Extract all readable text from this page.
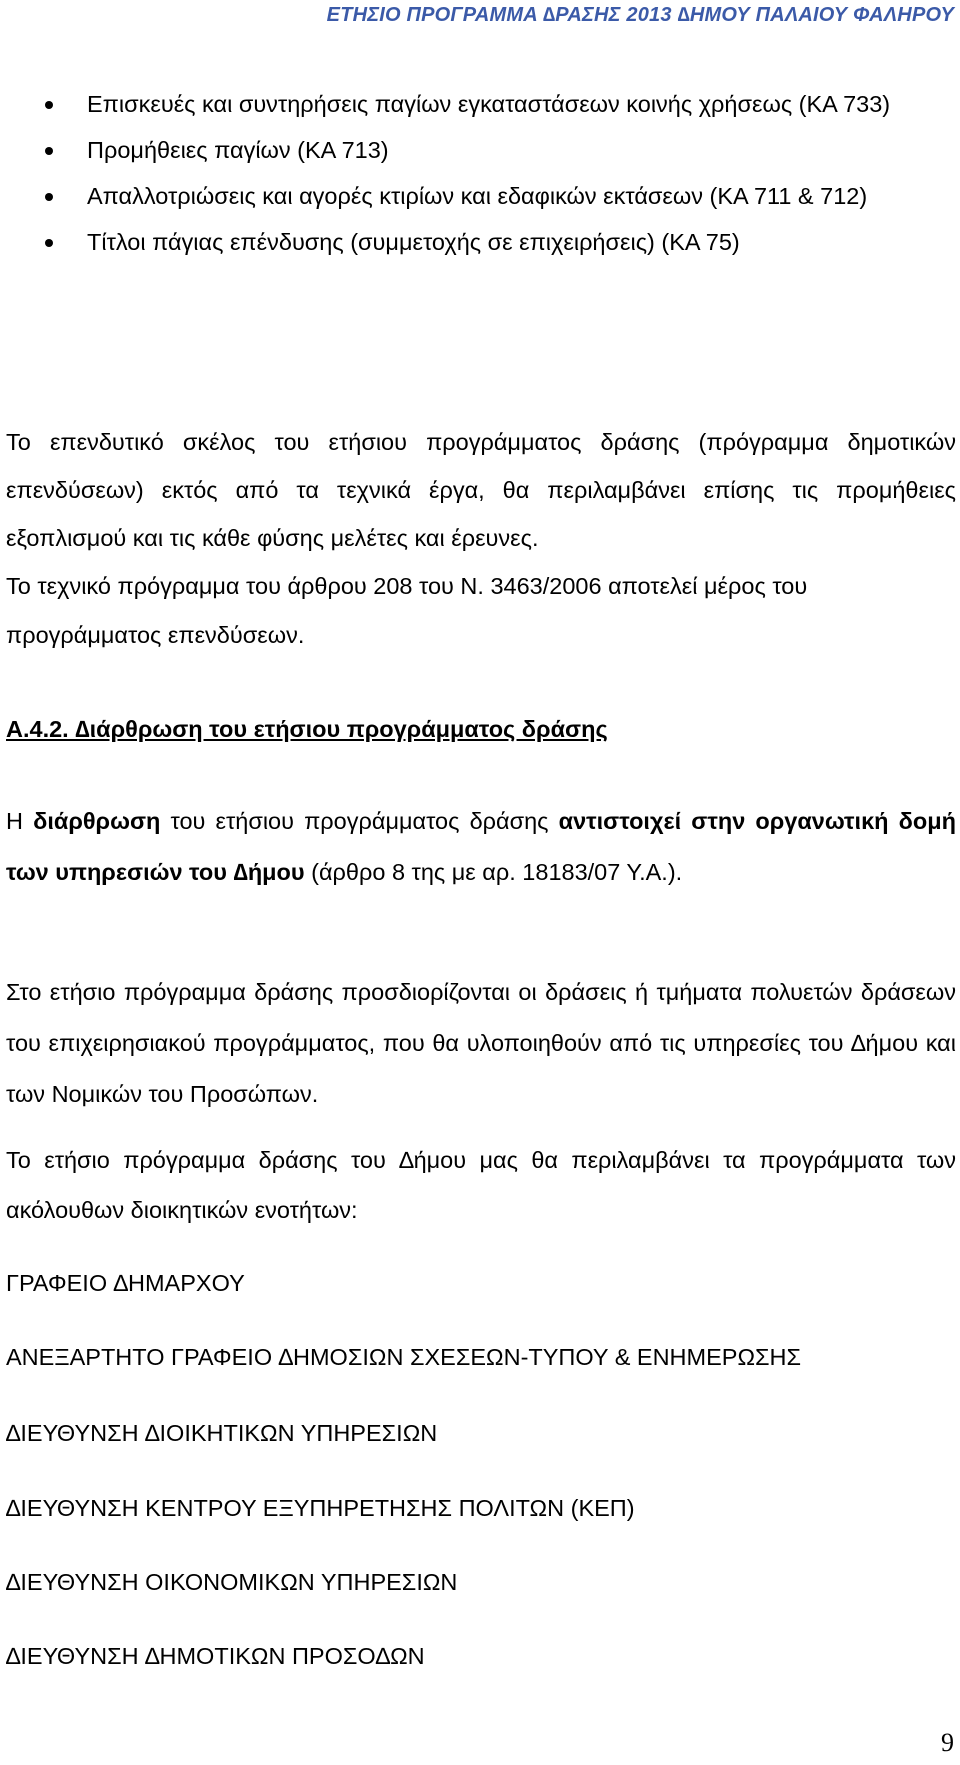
ΕΤΗΣΙΟ ΠΡΟΓΡΑΜΜΑ ∆ΡΑΣΗΣ 2013 ∆ΗΜΟΥ ΠΑΛΑΙΟΥ ΦΑΛΗΡΟΥ
Επισκευές και συντηρήσεις παγίων εγκαταστάσεων κοινής χρήσεως (ΚΑ 733)
Προμήθειες παγίων (ΚΑ 713)
Απαλλοτριώσεις και αγορές κτιρίων και εδαφικών εκτάσεων (ΚΑ 711 & 712)
Τίτλοι πάγιας επένδυσης (συμμετοχής σε επιχειρήσεις) (ΚΑ 75)

Το επενδυτικό σκέλος του ετήσιου προγράμματος δράσης (πρόγραμμα δημοτικών επενδύσεων) εκτός από τα τεχνικά έργα, θα περιλαμβάνει επίσης τις προμήθειες εξοπλισμού και τις κάθε φύσης μελέτες και έρευνες.

Το τεχνικό πρόγραμμα του άρθρου 208 του Ν. 3463/2006 αποτελεί μέρος του προγράμματος επενδύσεων.

Α.4.2. ∆ιάρθρωση του ετήσιου προγράμματος δράσης

Η διάρθρωση του ετήσιου προγράμματος δράσης αντιστοιχεί στην οργανωτική δομή των υπηρεσιών του ∆ήμου (άρθρο 8 της με αρ. 18183/07 Υ.Α.).

Στο ετήσιο πρόγραμμα δράσης προσδιορίζονται οι δράσεις ή τμήματα πολυετών δράσεων του επιχειρησιακού προγράμματος, που θα υλοποιηθούν από τις υπηρεσίες του ∆ήμου και των Νομικών του Προσώπων.

Το ετήσιο πρόγραμμα δράσης του ∆ήμου μας θα περιλαμβάνει τα προγράμματα των ακόλουθων διοικητικών ενοτήτων:

ΓΡΑΦΕΙΟ ∆ΗΜΑΡΧΟΥ
ΑΝΕΞΑΡΤΗΤΟ ΓΡΑΦΕΙΟ ∆ΗΜΟΣΙΩΝ ΣΧΕΣΕΩΝ-ΤΥΠΟΥ & ΕΝΗΜΕΡΩΣΗΣ
∆ΙΕΥΘΥΝΣΗ ∆ΙΟΙΚΗΤΙΚΩΝ ΥΠΗΡΕΣΙΩΝ
∆ΙΕΥΘΥΝΣΗ ΚΕΝΤΡΟΥ ΕΞΥΠΗΡΕΤΗΣΗΣ ΠΟΛΙΤΩΝ (ΚΕΠ)
∆ΙΕΥΘΥΝΣΗ ΟΙΚΟΝΟΜΙΚΩΝ ΥΠΗΡΕΣΙΩΝ
∆ΙΕΥΘΥΝΣΗ ∆ΗΜΟΤΙΚΩΝ ΠΡΟΣΟ∆ΩΝ
9
